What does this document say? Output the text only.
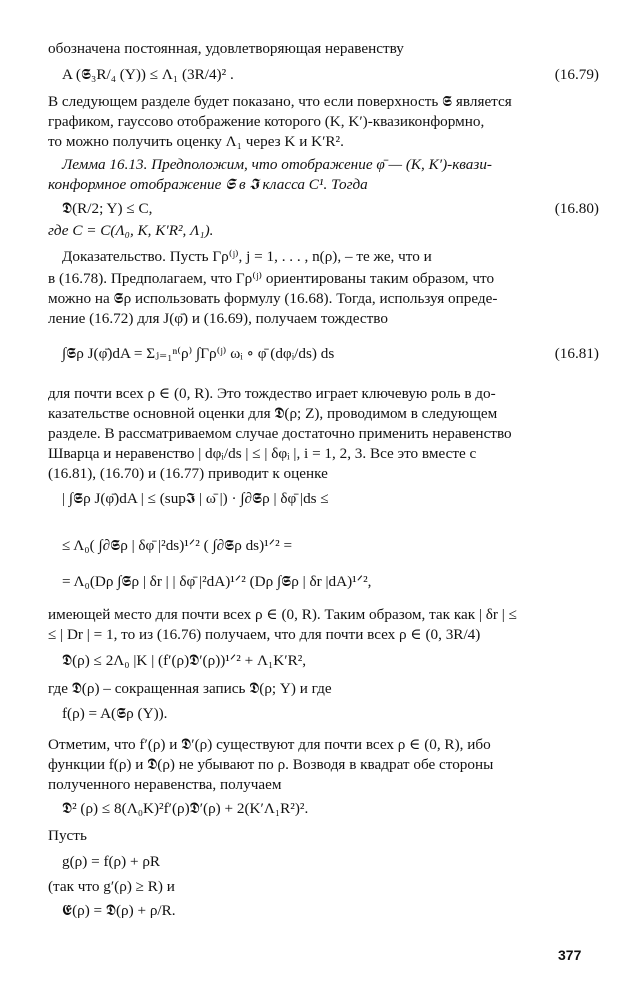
обозначена постоянная, удовлетворяющая неравенству
A (𝕾₃R/₄ (Y)) ≤ Λ₁ (3R/4)² .	(16.79)
В следующем разделе будет показано, что если поверхность 𝕾 является
графиком, гауссово отображение которого (K, K′)-квазиконформно,
то можно получить оценку Λ₁ через K и K′R².
Лемма 16.13. Предположим, что отображение φ̄ — (K, K′)-квази-
конформное отображение 𝕾 в 𝕴 класса C¹. Тогда
𝕯(R/2; Y) ≤ C,	(16.80)
где C = C(Λ₀, K, K′R², Λ₁).
Доказательство. Пусть Γρ⁽ʲ⁾, j = 1, . . . , n(ρ), – те же, что и
в (16.78). Предполагаем, что Γρ⁽ʲ⁾ ориентированы таким образом, что
можно на 𝕾ρ использовать формулу (16.68). Тогда, используя опреде-
ление (16.72) для J(φ̄) и (16.69), получаем тождество
∫𝕾ρ J(φ̄)dA = Σⱼ₌₁ⁿ⁽ρ⁾ ∫Γρ⁽ʲ⁾ ωᵢ ∘ φ̄ (dφᵢ/ds) ds	(16.81)
для почти всех ρ ∈ (0, R). Это тождество играет ключевую роль в до-
казательстве основной оценки для 𝕯(ρ; Z), проводимом в следующем
разделе. В рассматриваемом случае достаточно применить неравенство
Шварца и неравенство | dφᵢ/ds | ≤ | δφᵢ |, i = 1, 2, 3. Все это вместе с
(16.81), (16.70) и (16.77) приводит к оценке
| ∫𝕾ρ J(φ̄)dA | ≤ (sup𝕴 | ω̄ |) · ∫∂𝕾ρ | δφ̄ |ds ≤
≤ Λ₀( ∫∂𝕾ρ | δφ̄ |²ds)¹ᐟ² ( ∫∂𝕾ρ ds)¹ᐟ² =
= Λ₀(Dρ ∫𝕾ρ | δr | | δφ̄ |²dA)¹ᐟ² (Dρ ∫𝕾ρ | δr |dA)¹ᐟ²,
имеющей место для почти всех ρ ∈ (0, R). Таким образом, так как | δr | ≤
≤ | Dr | = 1, то из (16.76) получаем, что для почти всех ρ ∈ (0, 3R/4)
𝕯(ρ) ≤ 2Λ₀ |K | (f′(ρ)𝕯′(ρ))¹ᐟ² + Λ₁K′R²,
где 𝕯(ρ) – сокращенная запись 𝕯(ρ; Y) и где
f(ρ) = A(𝕾ρ (Y)).
Отметим, что f′(ρ) и 𝕯′(ρ) существуют для почти всех ρ ∈ (0, R), ибо
функции f(ρ) и 𝕯(ρ) не убывают по ρ. Возводя в квадрат обе стороны
полученного неравенства, получаем
𝕯² (ρ) ≤ 8(Λ₀K)²f′(ρ)𝕯′(ρ) + 2(K′Λ₁R²)².
Пусть
g(ρ) = f(ρ) + ρR
(так что g′(ρ) ≥ R) и
𝕰(ρ) = 𝕯(ρ) + ρ/R.
377
